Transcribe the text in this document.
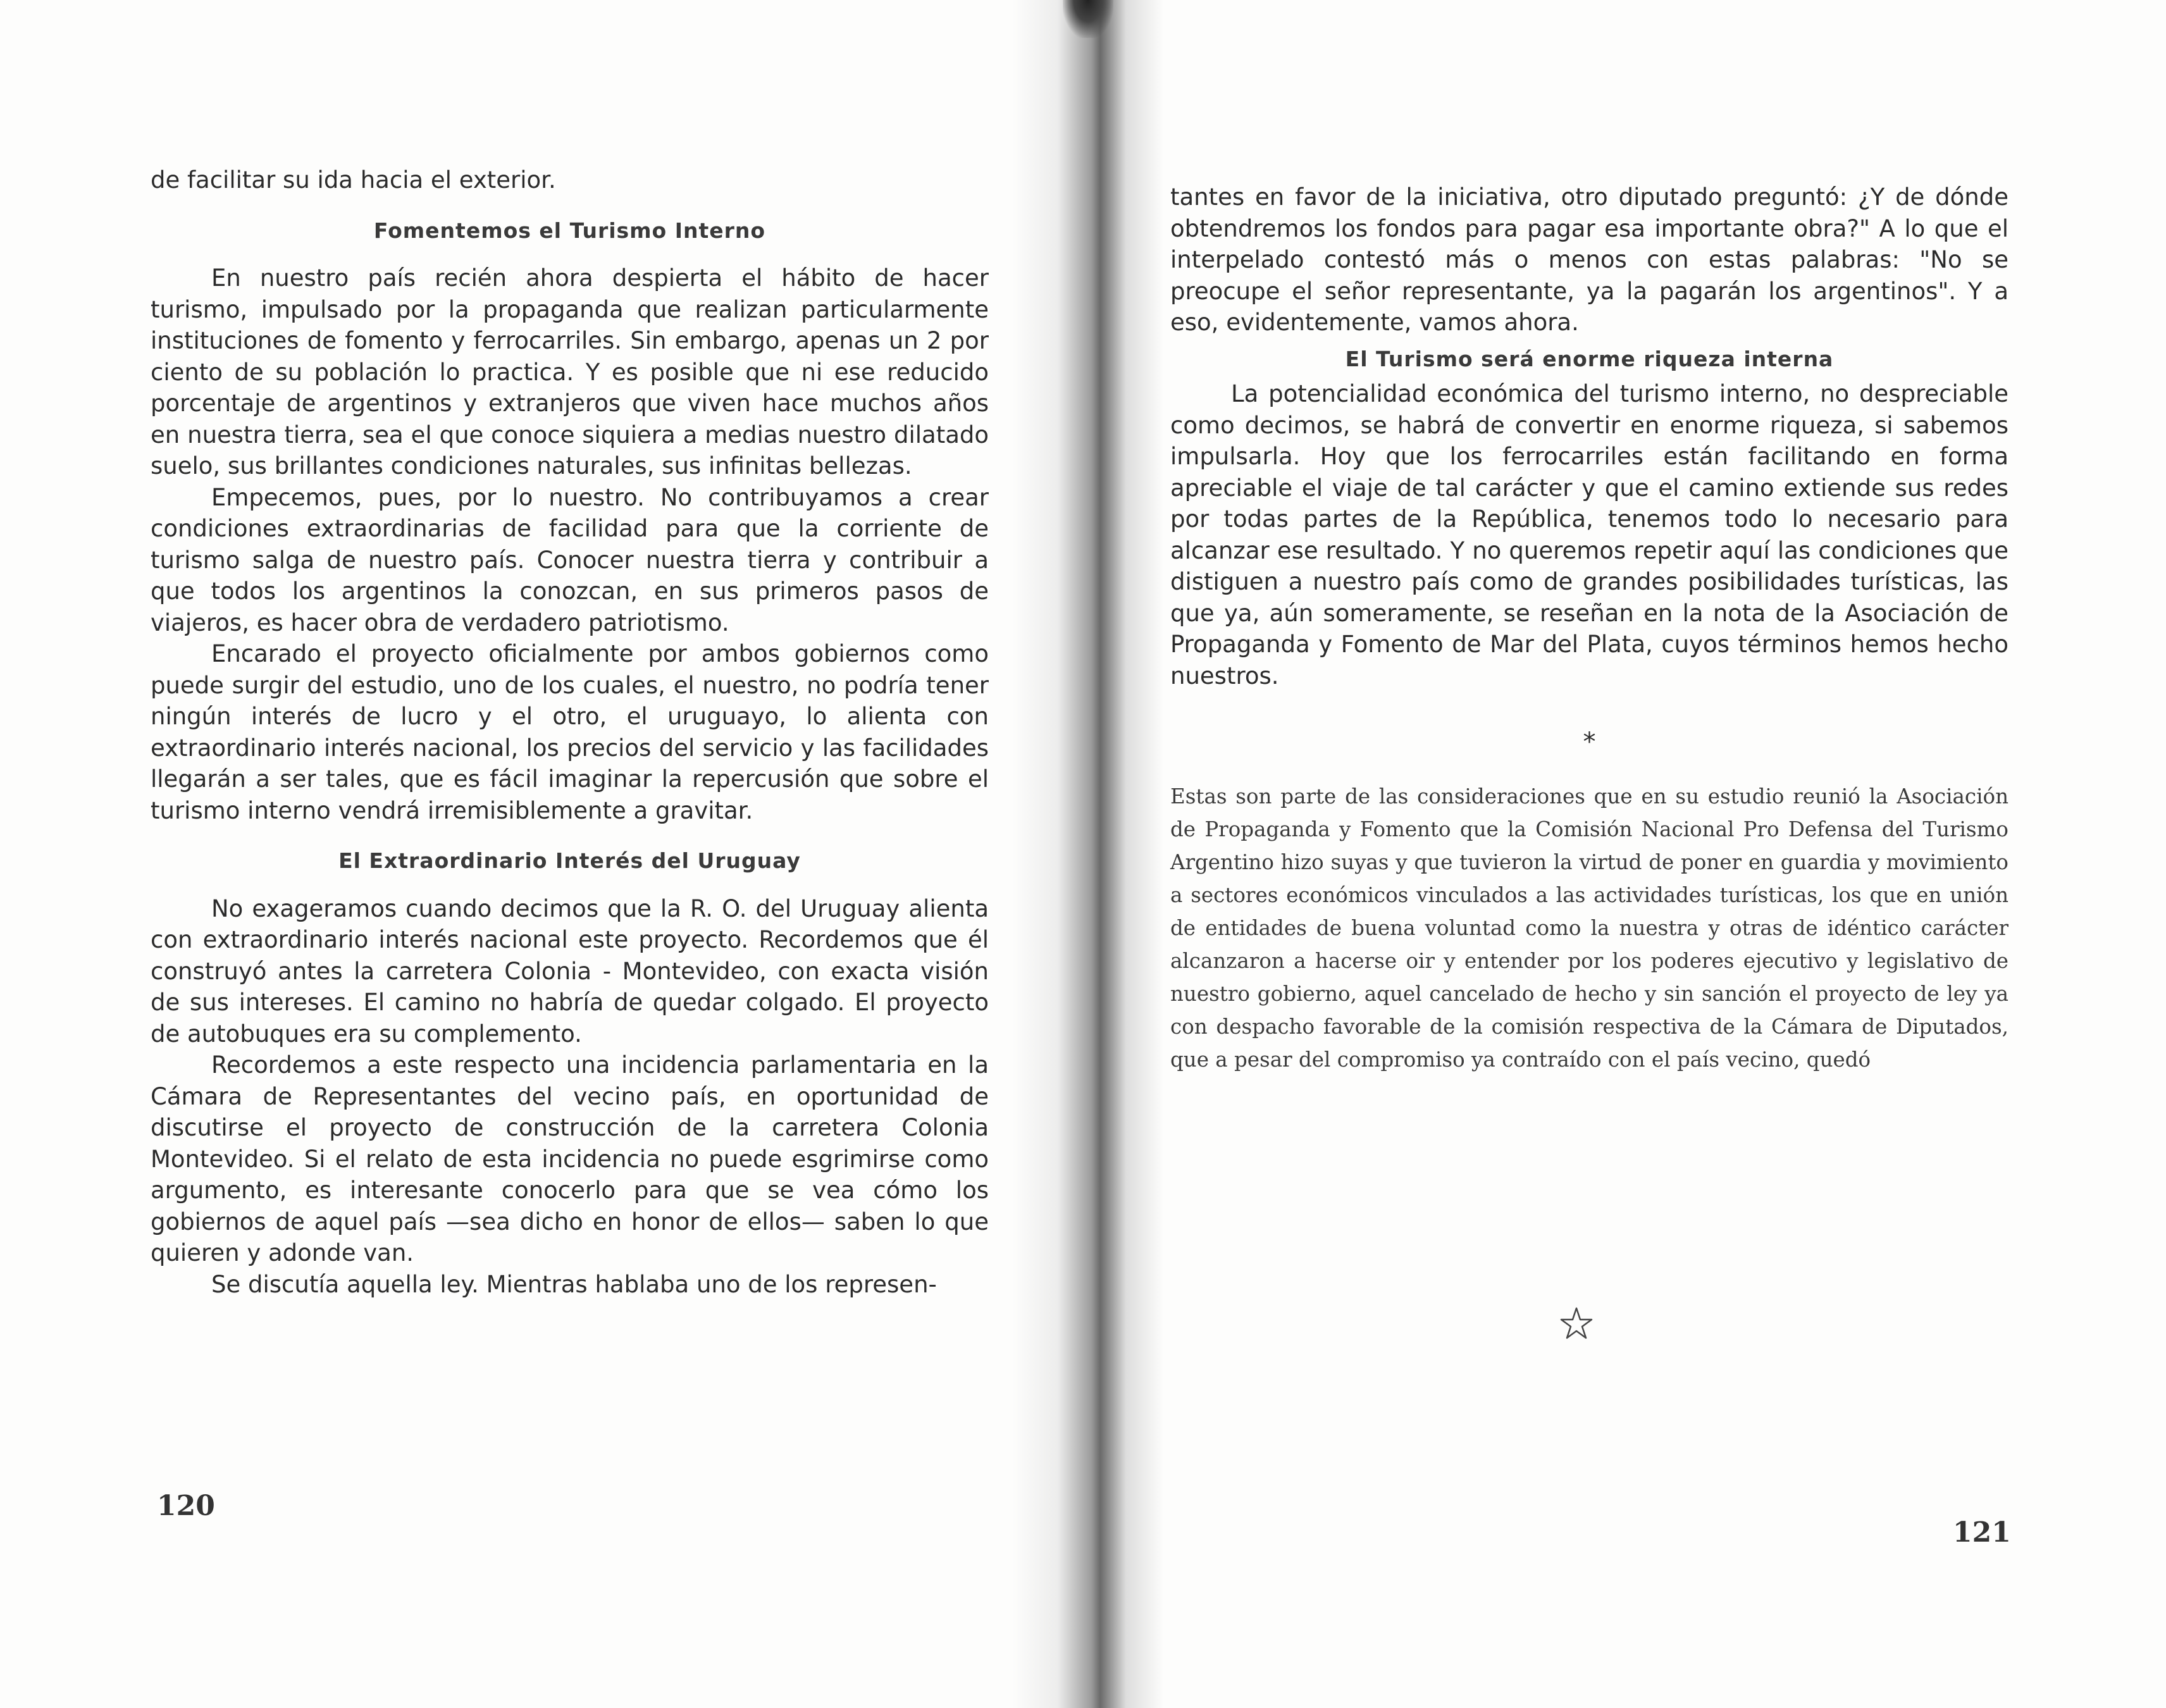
de facilitar su ida hacia el exterior.

Fomentemos el Turismo Interno

En nuestro país recién ahora despierta el hábito de hacer turismo, impulsado por la propaganda que realizan particularmente instituciones de fomento y ferrocarriles. Sin embargo, apenas un 2 por ciento de su población lo practica. Y es posible que ni ese reducido porcentaje de argentinos y extranjeros que viven hace muchos años en nuestra tierra, sea el que conoce siquiera a medias nuestro dilatado suelo, sus brillantes condiciones naturales, sus infinitas bellezas.

Empecemos, pues, por lo nuestro. No contribuyamos a crear condiciones extraordinarias de facilidad para que la corriente de turismo salga de nuestro país. Conocer nuestra tierra y contribuir a que todos los argentinos la conozcan, en sus primeros pasos de viajeros, es hacer obra de verdadero patriotismo.

Encarado el proyecto oficialmente por ambos gobiernos como puede surgir del estudio, uno de los cuales, el nuestro, no podría tener ningún interés de lucro y el otro, el uruguayo, lo alienta con extraordinario interés nacional, los precios del servicio y las facilidades llegarán a ser tales, que es fácil imaginar la repercusión que sobre el turismo interno vendrá irremisiblemente a gravitar.

El Extraordinario Interés del Uruguay

No exageramos cuando decimos que la R. O. del Uruguay alienta con extraordinario interés nacional este proyecto. Recordemos que él construyó antes la carretera Colonia - Montevideo, con exacta visión de sus intereses. El camino no habría de quedar colgado. El proyecto de autobuques era su complemento.

Recordemos a este respecto una incidencia parlamentaria en la Cámara de Representantes del vecino país, en oportunidad de discutirse el proyecto de construcción de la carretera Colonia Montevideo. Si el relato de esta incidencia no puede esgrimirse como argumento, es interesante conocerlo para que se vea cómo los gobiernos de aquel país —sea dicho en honor de ellos— saben lo que quieren y adonde van.

Se discutía aquella ley. Mientras hablaba uno de los represen-

120

tantes en favor de la iniciativa, otro diputado preguntó: ¿Y de dónde obtendremos los fondos para pagar esa importante obra?" A lo que el interpelado contestó más o menos con estas palabras: "No se preocupe el señor representante, ya la pagarán los argentinos". Y a eso, evidentemente, vamos ahora.

El Turismo será enorme riqueza interna

La potencialidad económica del turismo interno, no despreciable como decimos, se habrá de convertir en enorme riqueza, si sabemos impulsarla. Hoy que los ferrocarriles están facilitando en forma apreciable el viaje de tal carácter y que el camino extiende sus redes por todas partes de la República, tenemos todo lo necesario para alcanzar ese resultado. Y no queremos repetir aquí las condiciones que distiguen a nuestro país como de grandes posibilidades turísticas, las que ya, aún someramente, se reseñan en la nota de la Asociación de Propaganda y Fomento de Mar del Plata, cuyos términos hemos hecho nuestros.

*

Estas son parte de las consideraciones que en su estudio reunió la Asociación de Propaganda y Fomento que la Comisión Nacional Pro Defensa del Turismo Argentino hizo suyas y que tuvieron la virtud de poner en guardia y movimiento a sectores económicos vinculados a las actividades turísticas, los que en unión de entidades de buena voluntad como la nuestra y otras de idéntico carácter alcanzaron a hacerse oir y entender por los poderes ejecutivo y legislativo de nuestro gobierno, aquel cancelado de hecho y sin sanción el proyecto de ley ya con despacho favorable de la comisión respectiva de la Cámara de Diputados, que a pesar del compromiso ya contraído con el país vecino, quedó

121
